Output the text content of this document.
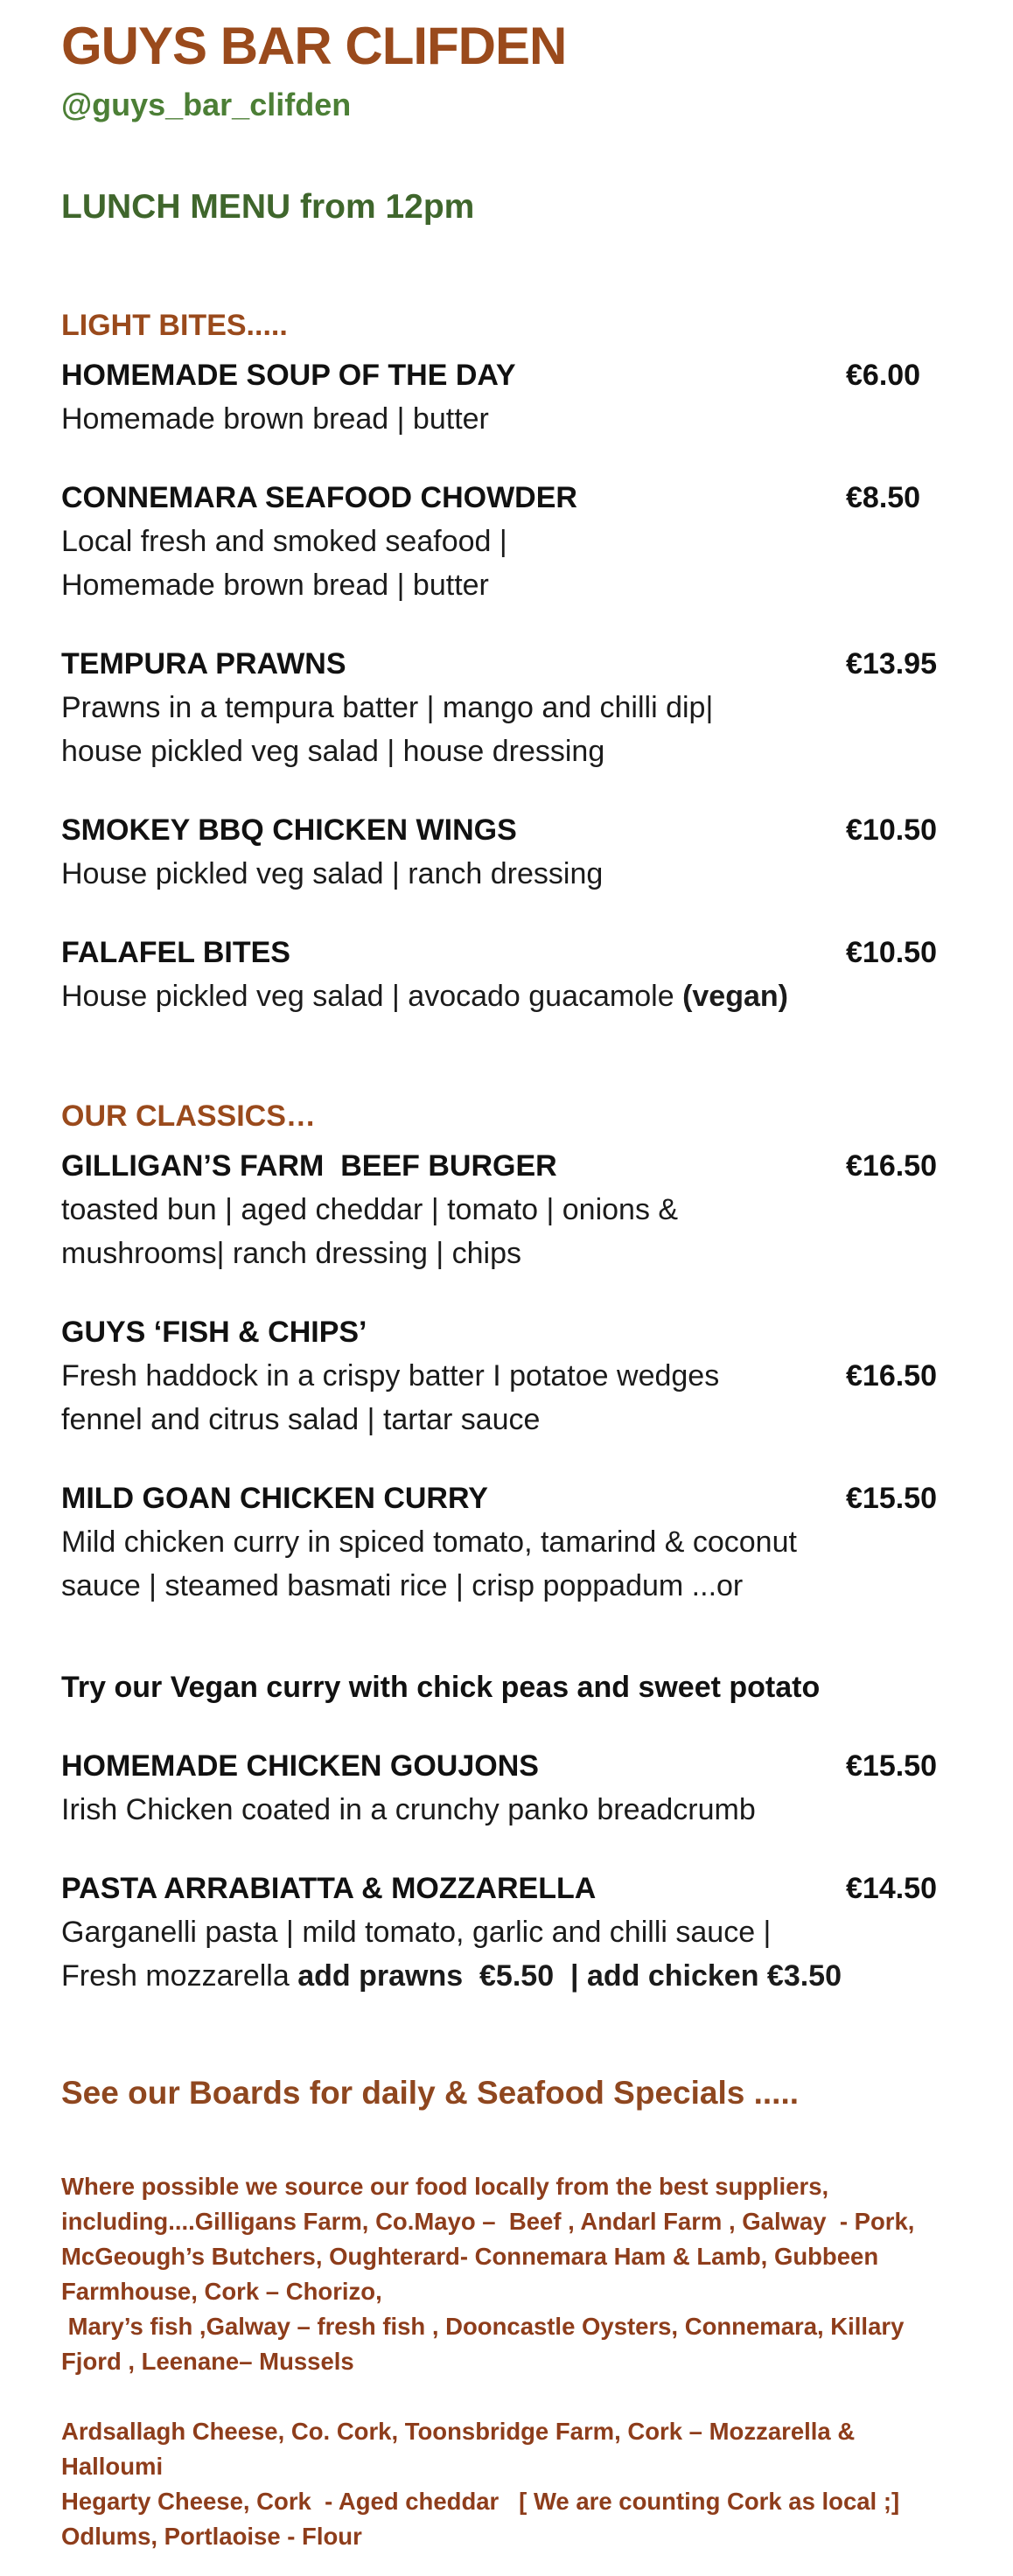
GUYS BAR CLIFDEN
@guys_bar_clifden
LUNCH MENU from 12pm
LIGHT BITES.....
HOMEMADE SOUP OF THE DAY	€6.00
Homemade brown bread | butter
CONNEMARA SEAFOOD CHOWDER	€8.50
Local fresh and smoked seafood |
Homemade brown bread | butter
TEMPURA PRAWNS	€13.95
Prawns in a tempura batter | mango and chilli dip|
house pickled veg salad | house dressing
SMOKEY BBQ CHICKEN WINGS	€10.50
House pickled veg salad | ranch dressing
FALAFEL BITES	€10.50
House pickled veg salad | avocado guacamole (vegan)
OUR CLASSICS…
GILLIGAN’S FARM  BEEF BURGER	€16.50
toasted bun | aged cheddar | tomato | onions &
mushrooms| ranch dressing | chips
GUYS ‘FISH & CHIPS’
Fresh haddock in a crispy batter I potatoe wedges	€16.50
fennel and citrus salad | tartar sauce
MILD GOAN CHICKEN CURRY	€15.50
Mild chicken curry in spiced tomato, tamarind & coconut
sauce | steamed basmati rice | crisp poppadum ...or
Try our Vegan curry with chick peas and sweet potato
HOMEMADE CHICKEN GOUJONS	€15.50
Irish Chicken coated in a crunchy panko breadcrumb
PASTA ARRABIATTA & MOZZARELLA	€14.50
Garganelli pasta | mild tomato, garlic and chilli sauce |
Fresh mozzarella add prawns  €5.50  | add chicken €3.50
See our Boards for daily & Seafood Specials .....
Where possible we source our food locally from the best suppliers,
including....Gilligans Farm, Co.Mayo –  Beef , Andarl Farm , Galway  - Pork,
McGeough’s Butchers, Oughterard- Connemara Ham & Lamb, Gubbeen
Farmhouse, Cork – Chorizo,
Mary’s fish ,Galway – fresh fish , Dooncastle Oysters, Connemara, Killary
Fjord , Leenane– Mussels
Ardsallagh Cheese, Co. Cork, Toonsbridge Farm, Cork – Mozzarella & Halloumi
Hegarty Cheese, Cork  - Aged cheddar   [ We are counting Cork as local ;]
Odlums, Portlaoise - Flour
